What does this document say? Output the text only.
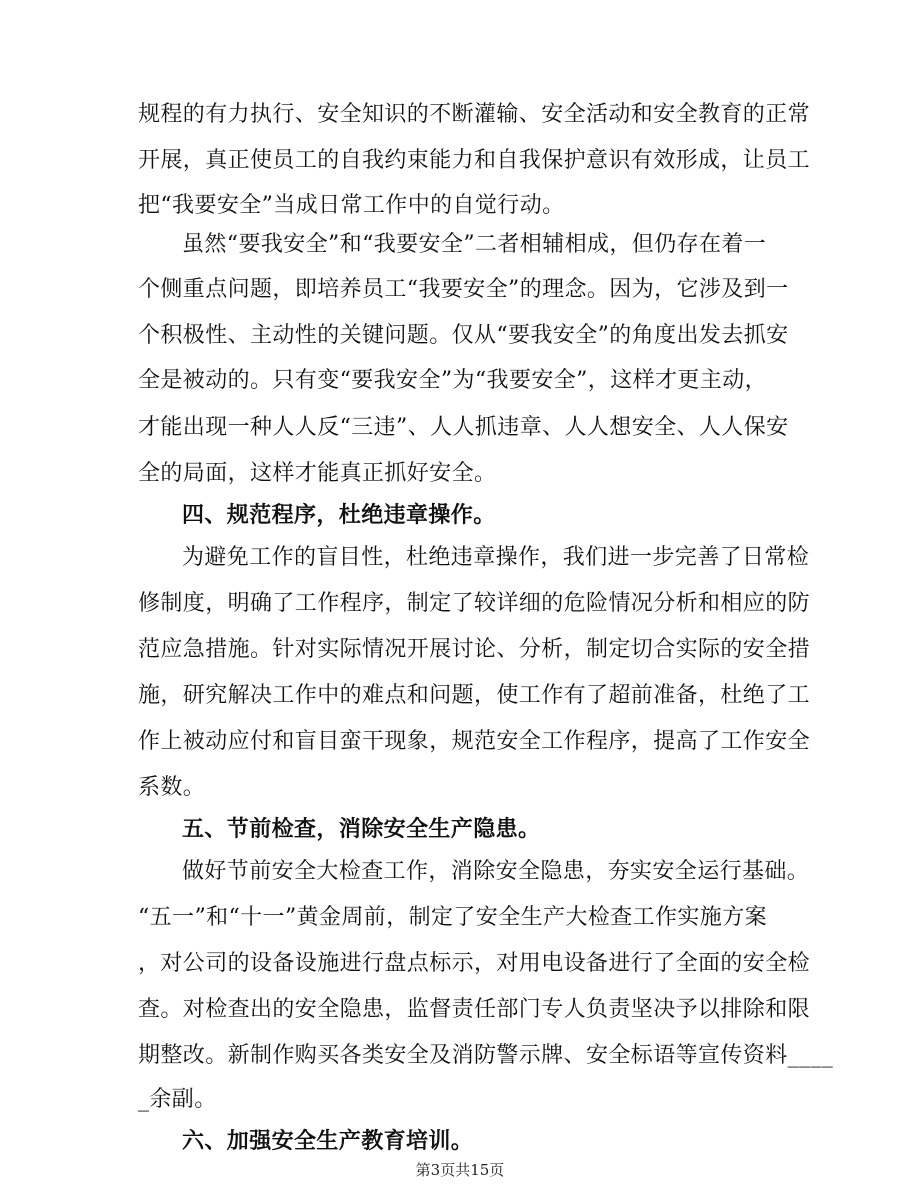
规程的有力执行、安全知识的不断灌输、安全活动和安全教育的正常
开展，真正使员工的自我约束能力和自我保护意识有效形成，让员工
把“我要安全”当成日常工作中的自觉行动。
虽然“要我安全”和“我要安全”二者相辅相成，但仍存在着一
个侧重点问题，即培养员工“我要安全”的理念。因为，它涉及到一
个积极性、主动性的关键问题。仅从“要我安全”的角度出发去抓安
全是被动的。只有变“要我安全”为“我要安全”，这样才更主动，
才能出现一种人人反“三违”、人人抓违章、人人想安全、人人保安
全的局面，这样才能真正抓好安全。
四、规范程序，杜绝违章操作。
为避免工作的盲目性，杜绝违章操作，我们进一步完善了日常检
修制度，明确了工作程序，制定了较详细的危险情况分析和相应的防
范应急措施。针对实际情况开展讨论、分析，制定切合实际的安全措
施，研究解决工作中的难点和问题，使工作有了超前准备，杜绝了工
作上被动应付和盲目蛮干现象，规范安全工作程序，提高了工作安全
系数。
五、节前检查，消除安全生产隐患。
做好节前安全大检查工作，消除安全隐患，夯实安全运行基础。
“五一”和“十一”黄金周前，制定了安全生产大检查工作实施方案
，对公司的设备设施进行盘点标示，对用电设备进行了全面的安全检
查。对检查出的安全隐患，监督责任部门专人负责坚决予以排除和限
期整改。新制作购买各类安全及消防警示牌、安全标语等宣传资料____
_余副。
六、加强安全生产教育培训。
第3页共15页
